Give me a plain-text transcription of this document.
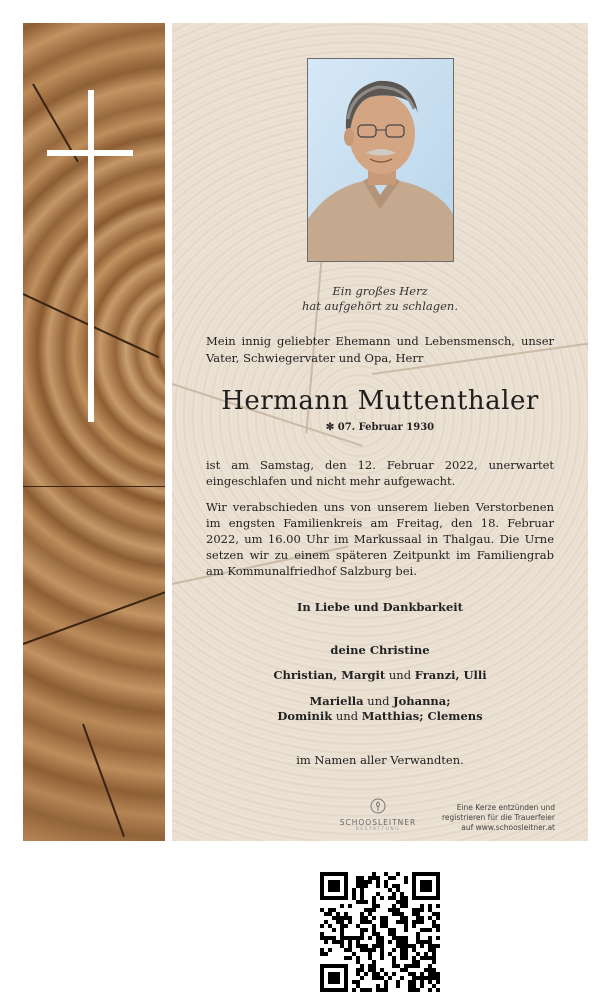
Ein großes Herz
hat aufgehört zu schlagen.
Mein innig geliebter Ehemann und Lebensmensch, unser Vater, Schwiegervater und Opa, Herr
Hermann Muttenthaler
✻ 07. Februar 1930
ist am Samstag, den 12. Februar 2022, unerwartet eingeschlafen und nicht mehr aufgewacht.
Wir verabschieden uns von unserem lieben Verstorbenen im engsten Familienkreis am Freitag, den 18. Februar 2022, um 16.00 Uhr im Markussaal in Thalgau. Die Urne setzen wir zu einem späteren Zeitpunkt im Familiengrab am Kommunalfriedhof Salzburg bei.
In Liebe und Dankbarkeit
deine Christine
Christian, Margit und Franzi, Ulli
Mariella und Johanna;
Dominik und Matthias; Clemens
im Namen aller Verwandten.
SCHOOSLEITNER
BESTATTUNG
Eine Kerze entzünden und
registrieren für die Trauerfeier
auf www.schoosleitner.at
